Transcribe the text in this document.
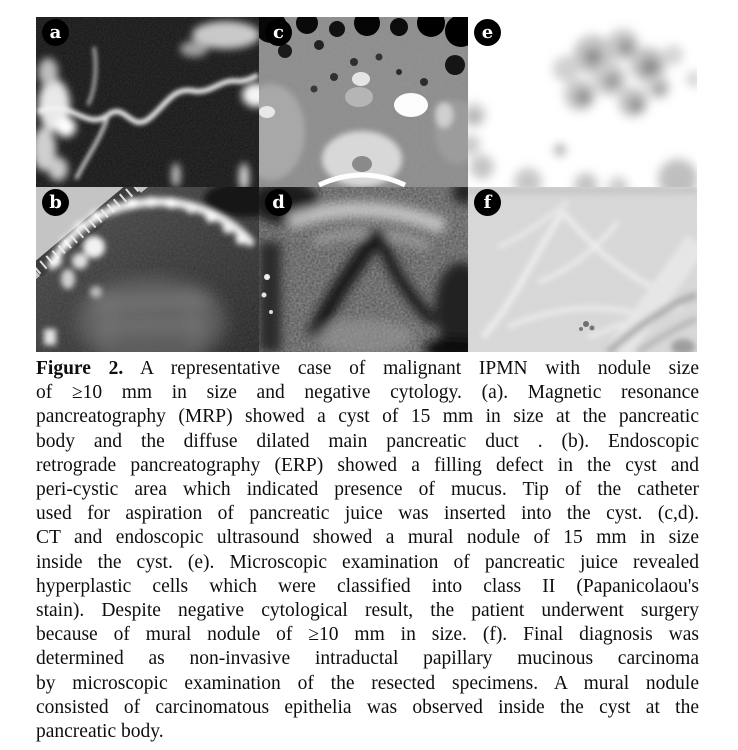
a	c	e
b	d	f
Figure 2. A representative case of malignant IPMN with nodule size
of ≥10 mm in size and negative cytology. (a). Magnetic resonance
pancreatography (MRP) showed a cyst of 15 mm in size at the pancreatic
body and the diffuse dilated main pancreatic duct . (b). Endoscopic
retrograde pancreatography (ERP) showed a filling defect in the cyst and
peri-cystic area which indicated presence of mucus. Tip of the catheter
used for aspiration of pancreatic juice was inserted into the cyst. (c,d).
CT and endoscopic ultrasound showed a mural nodule of 15 mm in size
inside the cyst. (e). Microscopic examination of pancreatic juice revealed
hyperplastic cells which were classified into class II (Papanicolaou's
stain). Despite negative cytological result, the patient underwent surgery
because of mural nodule of ≥10 mm in size. (f). Final diagnosis was
determined as non-invasive intraductal papillary mucinous carcinoma
by microscopic examination of the resected specimens. A mural nodule
consisted of carcinomatous epithelia was observed inside the cyst at the
pancreatic body.
